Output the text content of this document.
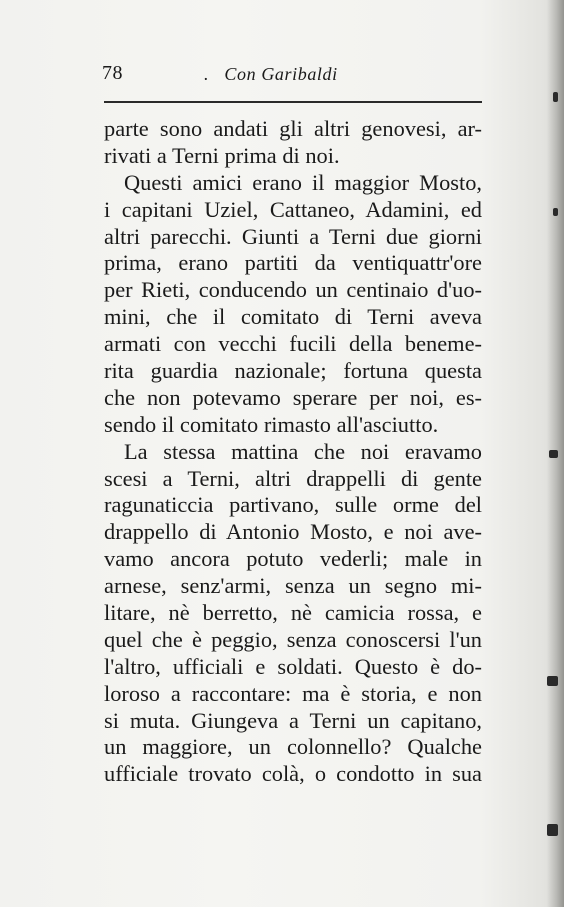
78	. Con Garibaldi
parte sono andati gli altri genovesi, ar-
rivati a Terni prima di noi.
Questi amici erano il maggior Mosto,
i capitani Uziel, Cattaneo, Adamini, ed
altri parecchi. Giunti a Terni due giorni
prima, erano partiti da ventiquattr'ore
per Rieti, conducendo un centinaio d'uo-
mini, che il comitato di Terni aveva
armati con vecchi fucili della beneme-
rita guardia nazionale; fortuna questa
che non potevamo sperare per noi, es-
sendo il comitato rimasto all'asciutto.
La stessa mattina che noi eravamo
scesi a Terni, altri drappelli di gente
ragunaticcia partivano, sulle orme del
drappello di Antonio Mosto, e noi ave-
vamo ancora potuto vederli; male in
arnese, senz'armi, senza un segno mi-
litare, nè berretto, nè camicia rossa, e
quel che è peggio, senza conoscersi l'un
l'altro, ufficiali e soldati. Questo è do-
loroso a raccontare: ma è storia, e non
si muta. Giungeva a Terni un capitano,
un maggiore, un colonnello? Qualche
ufficiale trovato colà, o condotto in sua
